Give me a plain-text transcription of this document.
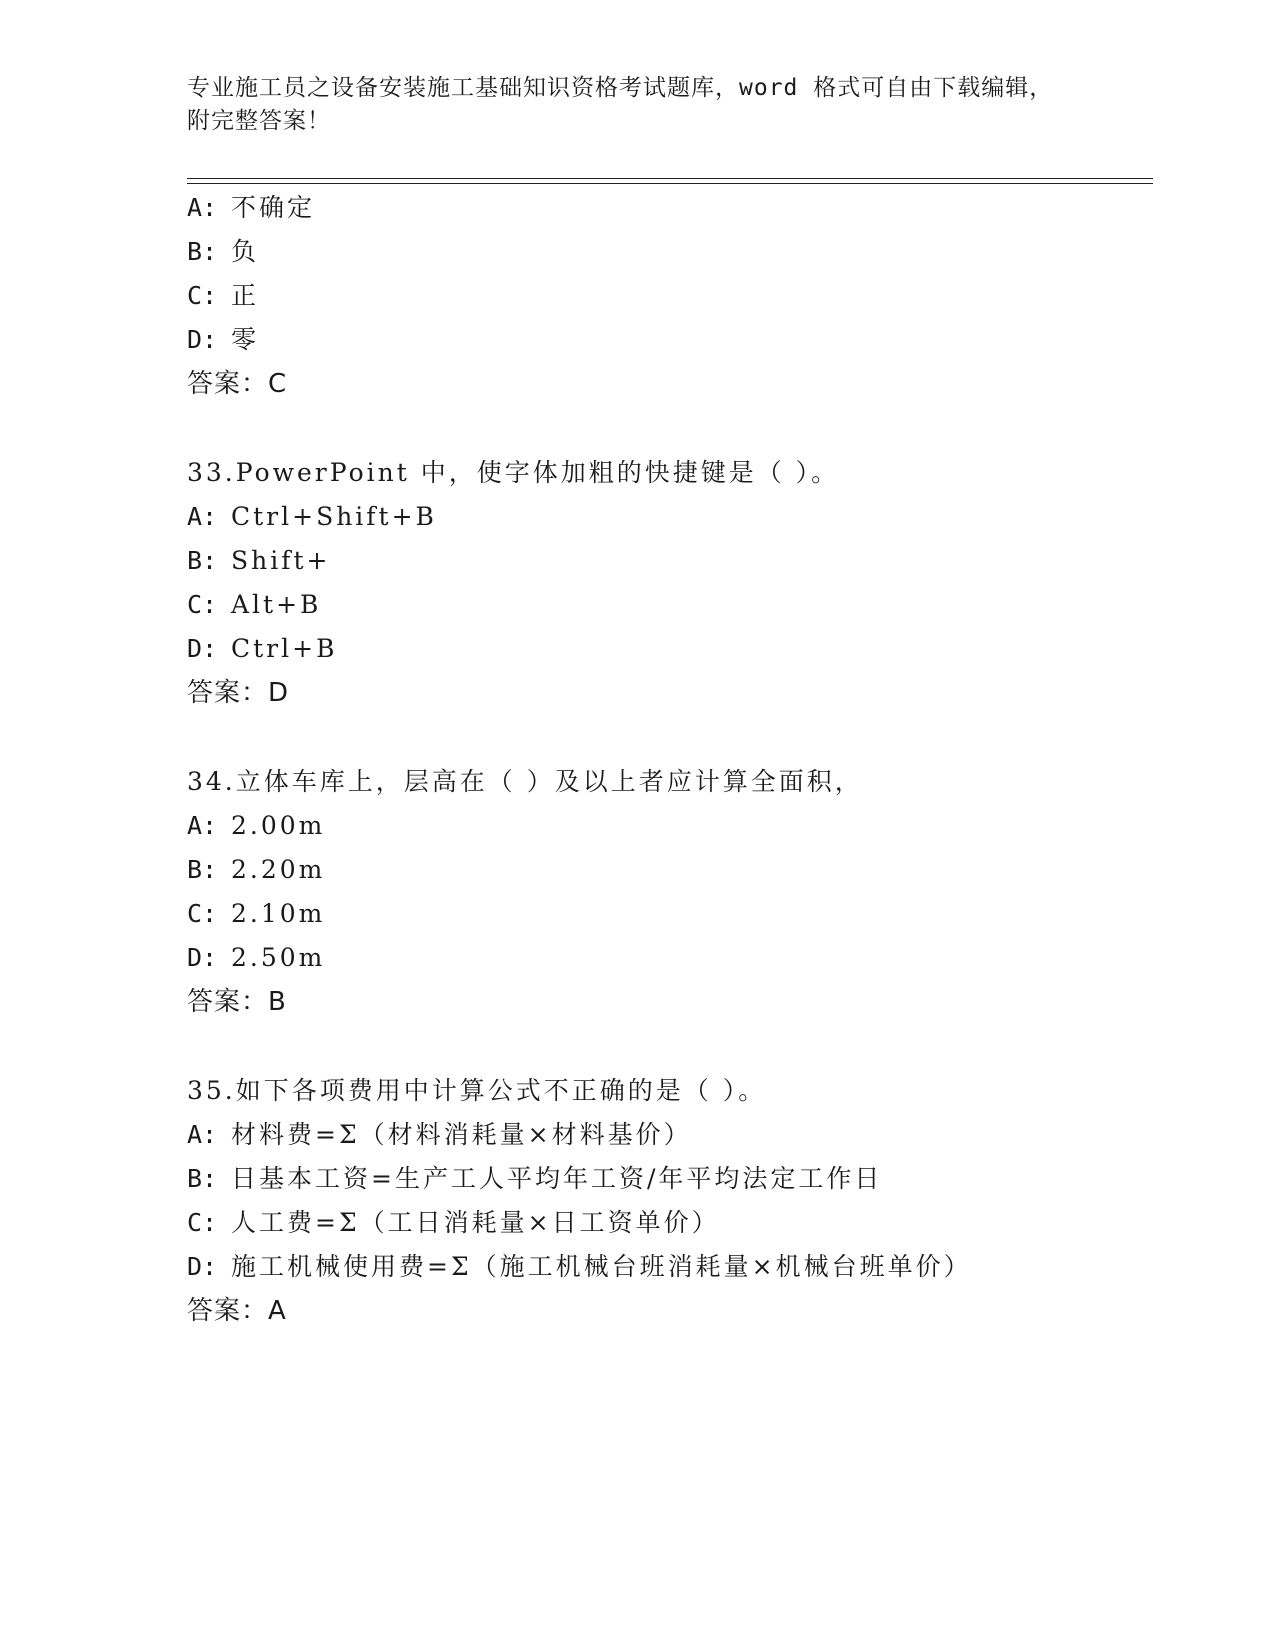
专业施工员之设备安装施工基础知识资格考试题库，word 格式可自由下载编辑，附完整答案！
A: 不确定
B: 负
C: 正
D: 零
答案：C
33.PowerPoint 中，使字体加粗的快捷键是（ ）。
A: Ctrl+Shift+B
B: Shift+
C: Alt+B
D: Ctrl+B
答案：D
34.立体车库上，层高在（ ）及以上者应计算全面积，
A: 2.00m
B: 2.20m
C: 2.10m
D: 2.50m
答案：B
35.如下各项费用中计算公式不正确的是（ ）。
A: 材料费=Σ（材料消耗量×材料基价）
B: 日基本工资=生产工人平均年工资/年平均法定工作日
C: 人工费=Σ（工日消耗量×日工资单价）
D: 施工机械使用费=Σ（施工机械台班消耗量×机械台班单价）
答案：A
